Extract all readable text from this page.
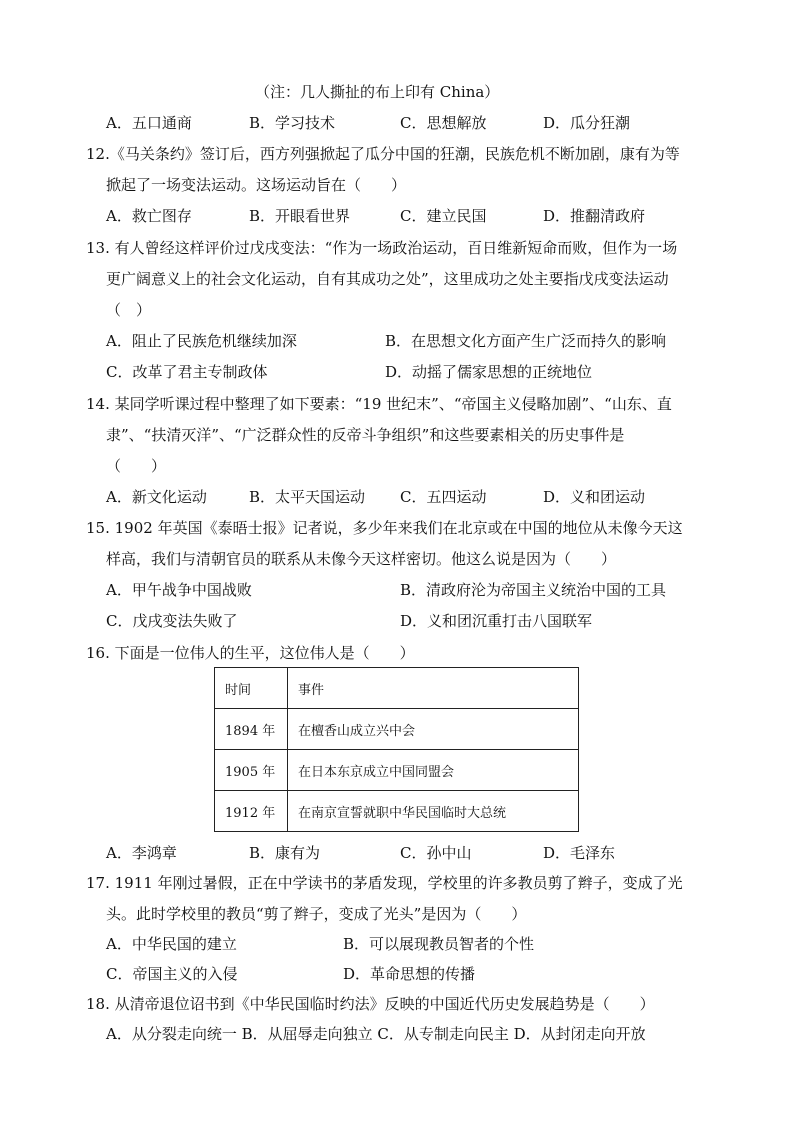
（注：几人撕扯的布上印有 China）
A．五口通商	B．学习技术	C．思想解放	D．瓜分狂潮
12.《马关条约》签订后，西方列强掀起了瓜分中国的狂潮，民族危机不断加剧，康有为等
掀起了一场变法运动。这场运动旨在（　　）
A．救亡图存	B．开眼看世界	C．建立民国	D．推翻清政府
13. 有人曾经这样评价过戊戌变法：“作为一场政治运动，百日维新短命而败，但作为一场
更广阔意义上的社会文化运动，自有其成功之处”，这里成功之处主要指戊戌变法运动
（　）
A．阻止了民族危机继续加深	B．在思想文化方面产生广泛而持久的影响
C．改革了君主专制政体	D．动摇了儒家思想的正统地位
14. 某同学听课过程中整理了如下要素：“19 世纪末”、“帝国主义侵略加剧”、“山东、直
隶”、“扶清灭洋”、“广泛群众性的反帝斗争组织”和这些要素相关的历史事件是
（　　）
A．新文化运动	B．太平天国运动 C．五四运动	D．义和团运动
15. 1902 年英国《泰晤士报》记者说，多少年来我们在北京或在中国的地位从未像今天这
样高，我们与清朝官员的联系从未像今天这样密切。他这么说是因为（　　）
A．甲午战争中国战败	B．清政府沦为帝国主义统治中国的工具
C．戊戌变法失败了	D．义和团沉重打击八国联军
16. 下面是一位伟人的生平，这位伟人是（　　）
时间	事件
1894 年	在檀香山成立兴中会
1905 年	在日本东京成立中国同盟会
1912 年	在南京宣誓就职中华民国临时大总统
A．李鸿章	B．康有为	C．孙中山	D．毛泽东
17. 1911 年刚过暑假，正在中学读书的茅盾发现，学校里的许多教员剪了辫子，变成了光
头。此时学校里的教员“剪了辫子，变成了光头”是因为（　　）
A．中华民国的建立	B．可以展现教员智者的个性
C．帝国主义的入侵	D．革命思想的传播
18. 从清帝退位诏书到《中华民国临时约法》反映的中国近代历史发展趋势是（　　）
A．从分裂走向统一 B．从屈辱走向独立 C．从专制走向民主 D．从封闭走向开放
